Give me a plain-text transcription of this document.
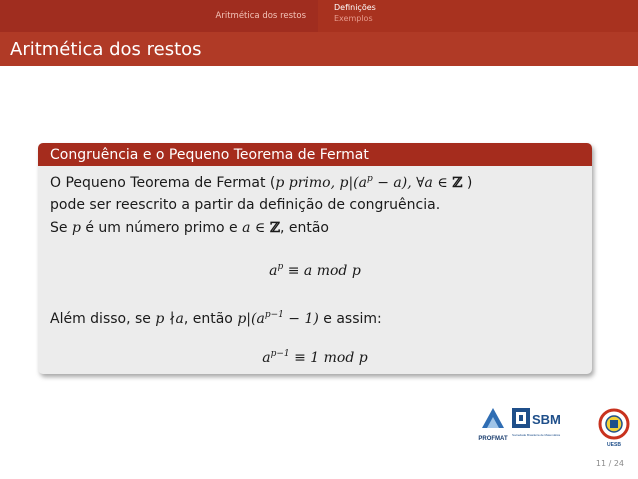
Aritmética dos restos
Definições
Exemplos
Aritmética dos restos
Congruência e o Pequeno Teorema de Fermat
O Pequeno Teorema de Fermat (p primo, $p|(a^p - a)$, ∀a ∈ ℤ )
pode ser reescrito a partir da definição de congruência.
Se p é um número primo e a ∈ ℤ, então
$a^p \equiv a$ mod p
Além disso, se p ∤a, então $p|(a^{p-1} - 1)$ e assim:
$a^{p-1} \equiv 1$ mod p
PROFMAT
SBM
Sociedade Brasileira de Matemática
UESB
11 / 24
